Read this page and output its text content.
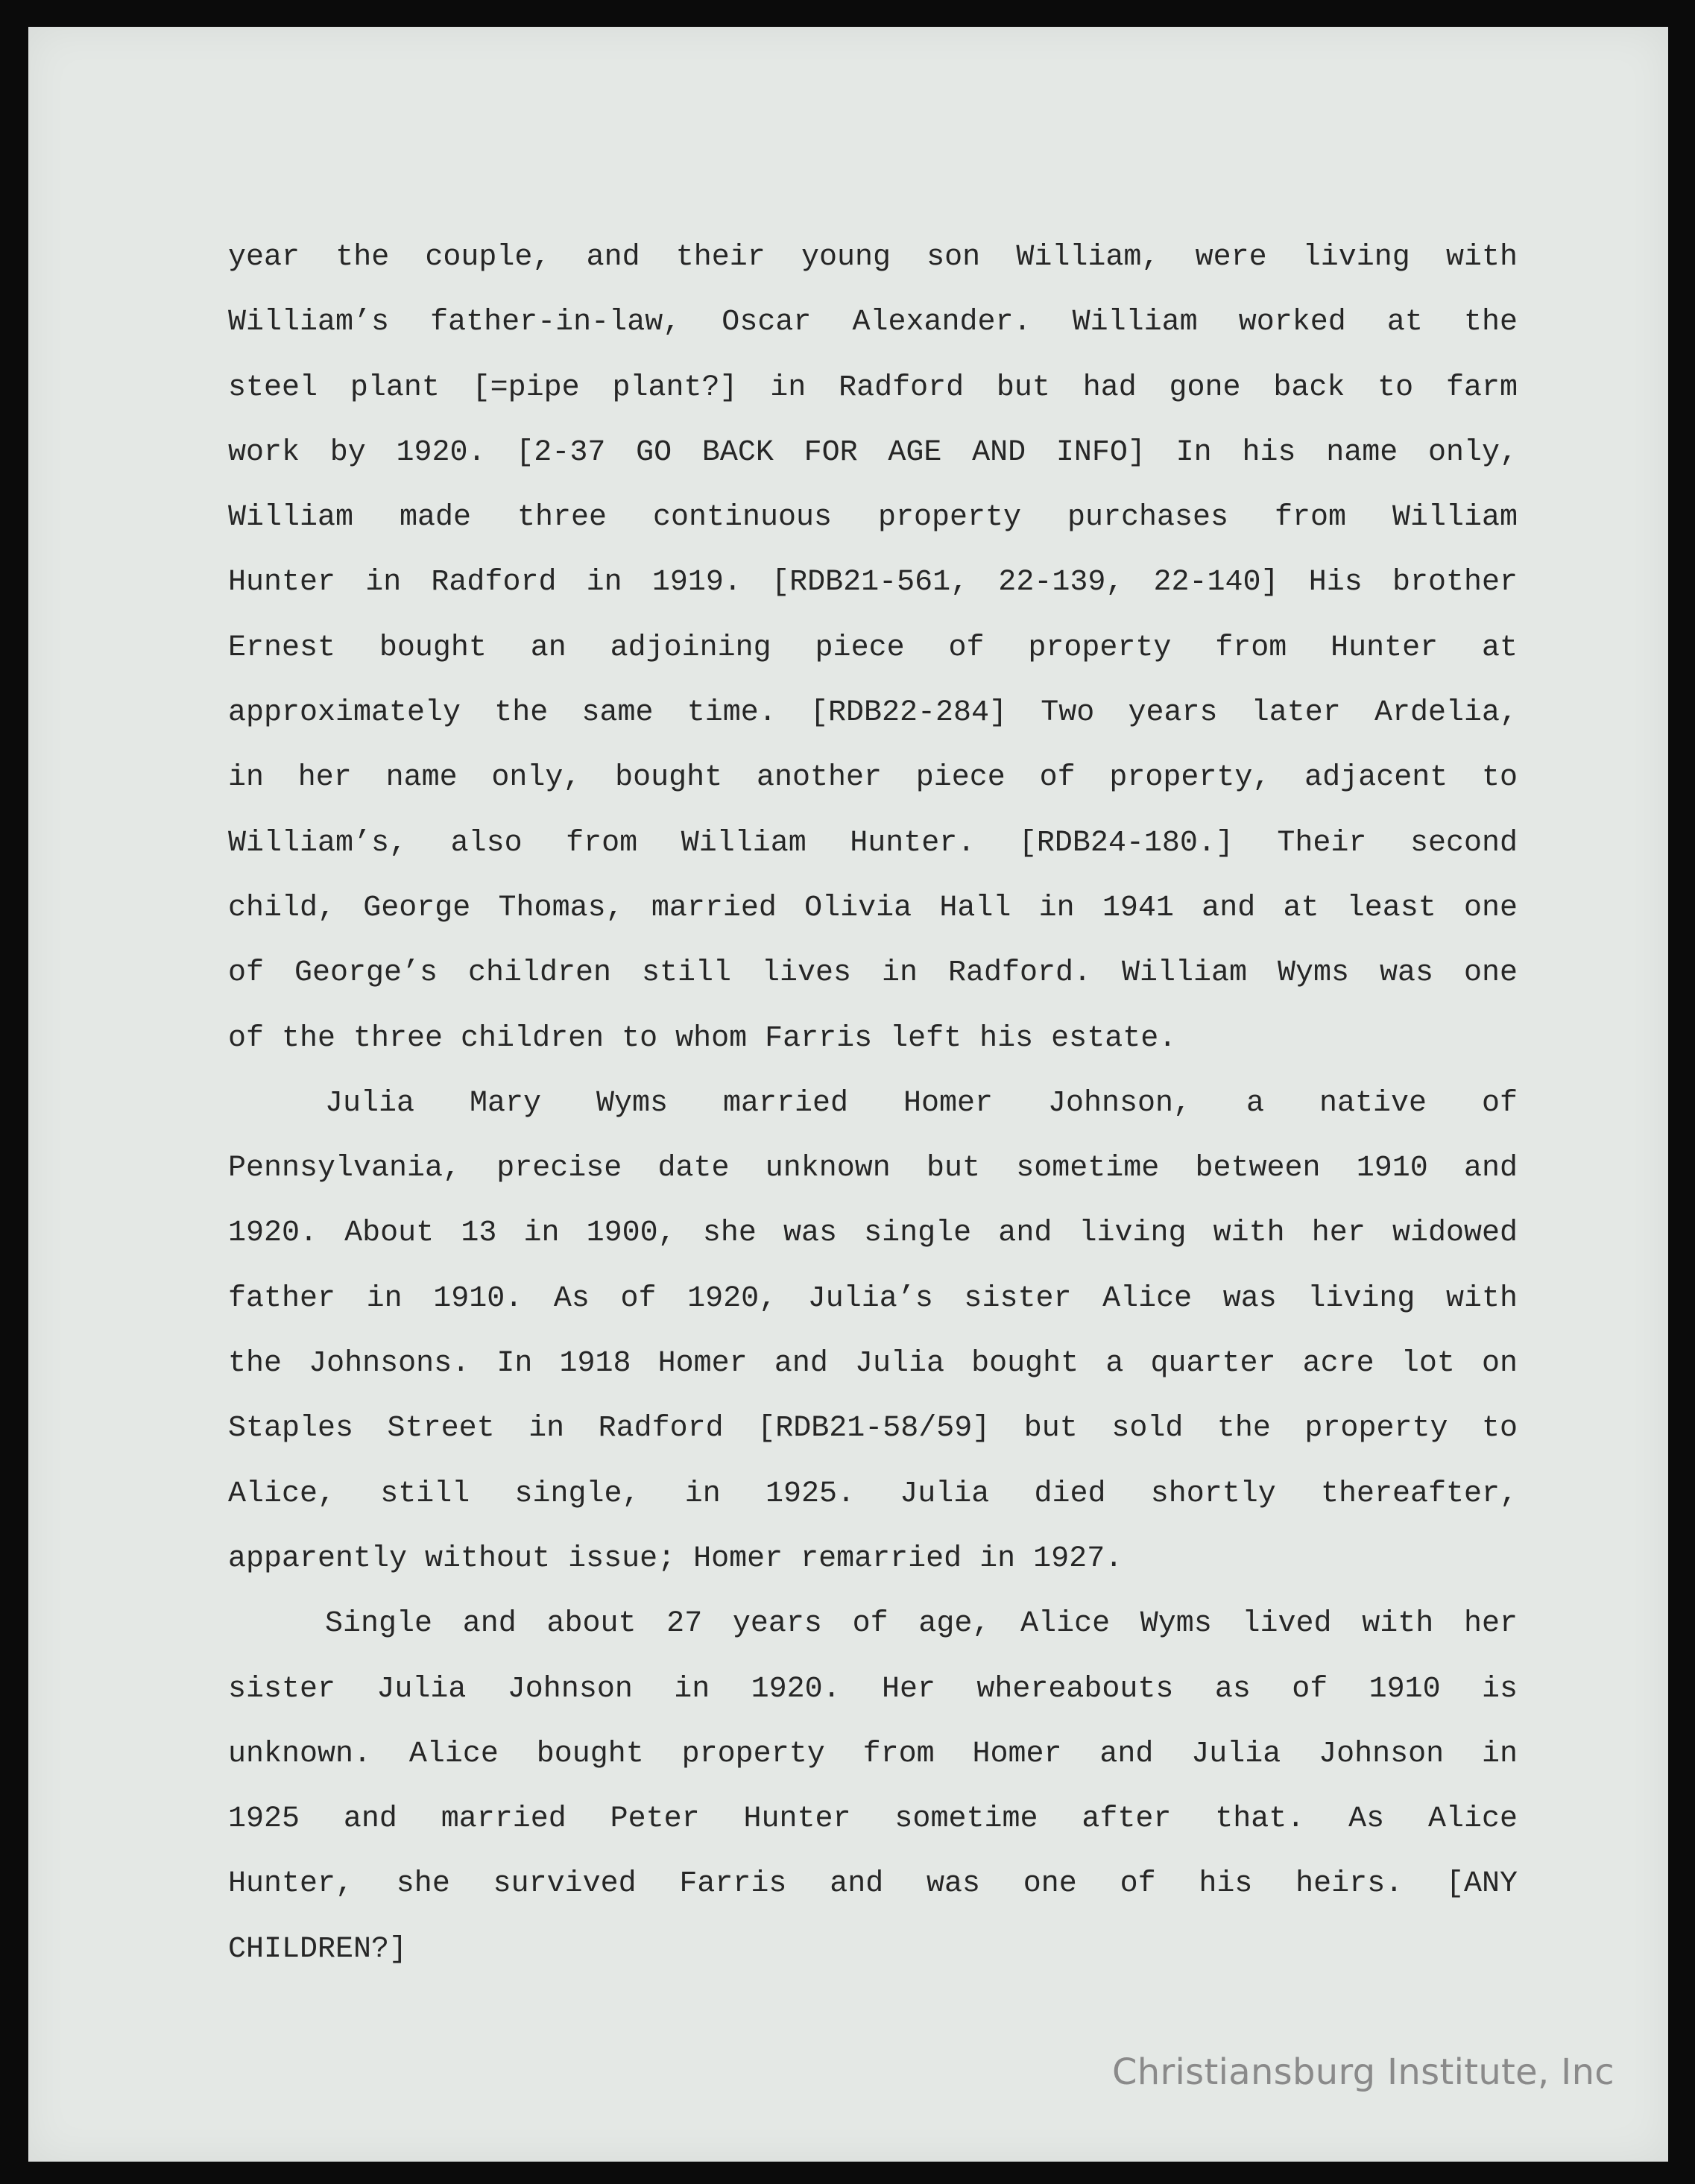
year the couple, and their young son William, were living with
William’s father-in-law, Oscar Alexander. William worked at the
steel plant [=pipe plant?] in Radford but had gone back to farm
work by 1920. [2-37 GO BACK FOR AGE AND INFO] In his name only,
William made three continuous property purchases from William
Hunter in Radford in 1919. [RDB21-561, 22-139, 22-140] His brother
Ernest bought an adjoining piece of property from Hunter at
approximately the same time. [RDB22-284] Two years later Ardelia,
in her name only, bought another piece of property, adjacent to
William’s, also from William Hunter. [RDB24-180.] Their second
child, George Thomas, married Olivia Hall in 1941 and at least one
of George’s children still lives in Radford. William Wyms was one
of the three children to whom Farris left his estate.
Julia Mary Wyms married Homer Johnson, a native of
Pennsylvania, precise date unknown but sometime between 1910 and
1920. About 13 in 1900, she was single and living with her widowed
father in 1910. As of 1920, Julia’s sister Alice was living with
the Johnsons. In 1918 Homer and Julia bought a quarter acre lot on
Staples Street in Radford [RDB21-58/59] but sold the property to
Alice, still single, in 1925. Julia died shortly thereafter,
apparently without issue; Homer remarried in 1927.
Single and about 27 years of age, Alice Wyms lived with her
sister Julia Johnson in 1920. Her whereabouts as of 1910 is
unknown. Alice bought property from Homer and Julia Johnson in
1925 and married Peter Hunter sometime after that. As Alice
Hunter, she survived Farris and was one of his heirs. [ANY
CHILDREN?]
Christiansburg Institute, Inc
